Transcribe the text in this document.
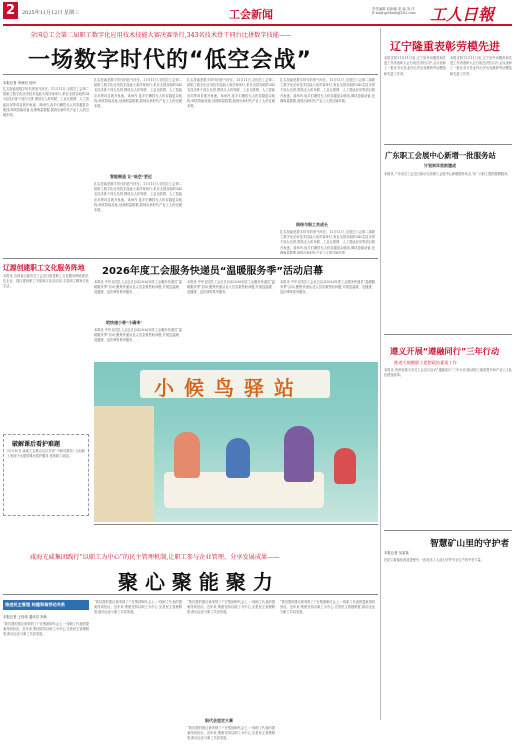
2	2025年11月12日 星期三	工会新闻	责任编辑 赵新鹏 美 编 刘 洋
E-mail:grrbszb@163.com 工人日報
全国总工会第二届职工数字化应用技术技能大赛决赛举行,343名技术骨干同台比拼数字技能——
一场数字时代的“低空会战”
本报记者 李润钊 田珂
扎实技能是数字时代的底气所在。11月11日,全国总工会第二届职工数字化应用技术技能大赛决赛举行,来自全国各地的343名技术骨干同台比拼,围绕无人机驾驶、工业互联网、人工智能应用等项目展开角逐。赛场内,选手们操控无人机穿越复杂航线,调试智能设备,处理海量数据,展现出新时代产业工人的过硬本领。
扎实技能是数字时代的底气所在。11月11日,全国总工会第二届职工数字化应用技术技能大赛决赛举行,来自全国各地的343名技术骨干同台比拼,围绕无人机驾驶、工业互联网、人工智能应用等项目展开角逐。赛场内,选手们操控无人机穿越复杂航线,调试智能设备,处理海量数据,展现出新时代产业工人的过硬本领。
智能制造 让“低空”更近
扎实技能是数字时代的底气所在。11月11日,全国总工会第二届职工数字化应用技术技能大赛决赛举行,来自全国各地的343名技术骨干同台比拼,围绕无人机驾驶、工业互联网、人工智能应用等项目展开角逐。赛场内,选手们操控无人机穿越复杂航线,调试智能设备,处理海量数据,展现出新时代产业工人的过硬本领。
扎实技能是数字时代的底气所在。11月11日,全国总工会第二届职工数字化应用技术技能大赛决赛举行,来自全国各地的343名技术骨干同台比拼,围绕无人机驾驶、工业互联网、人工智能应用等项目展开角逐。赛场内,选手们操控无人机穿越复杂航线,调试智能设备,处理海量数据,展现出新时代产业工人的过硬本领。
扎实技能是数字时代的底气所在。11月11日,全国总工会第二届职工数字化应用技术技能大赛决赛举行,来自全国各地的343名技术骨干同台比拼,围绕无人机驾驶、工业互联网、人工智能应用等项目展开角逐。赛场内,选手们操控无人机穿越复杂航线,调试智能设备,处理海量数据,展现出新时代产业工人的过硬本领。
网络与职工共成长
扎实技能是数字时代的底气所在。11月11日,全国总工会第二届职工数字化应用技术技能大赛决赛举行,来自全国各地的343名技术骨干同台比拼,围绕无人机驾驶、工业互联网、人工智能应用等项目展开角逐。赛场内,选手们操控无人机穿越复杂航线,调试智能设备,处理海量数据,展现出新时代产业工人的过硬本领。
辽宁隆重表彰劳模先进
本报沈阳11月11日电 辽宁省劳动模范和先进工作者表彰大会日前在沈阳召开,会议表彰了一批在各行各业作出突出贡献的劳动模范和先进工作者。
本报沈阳11月11日电 辽宁省劳动模范和先进工作者表彰大会日前在沈阳召开,会议表彰了一批在各行各业作出突出贡献的劳动模范和先进工作者。
广东职工会展中心新增一批服务站
计划到年底前建成
本报讯 广东省总工会近日推动全省职工会展中心新增服务站点,为广大职工提供便捷服务。
辽源创建职工文化服务阵地
本报讯 吉林省辽源市总工会近日推进职工文化服务阵地建设,在企业、园区建设职工书屋和文化活动室,丰富职工精神文化生活。
破解课后看护难题
11月10日,某地工会联合社区开设“小候鸟驿站”,为双职工家庭子女提供课后看护服务,受到职工欢迎。
2026年度工会服务快递员“温暖服务季”活动启幕
本报讯 中华全国总工会近日启动2026年度工会服务快递员“温暖服务季”活动,聚焦快递从业人员急难愁盼问题,开展送温暖、送健康、送法律等系列服务。
给快递小哥“小确幸”
本报讯 中华全国总工会近日启动2026年度工会服务快递员“温暖服务季”活动,聚焦快递从业人员急难愁盼问题,开展送温暖、送健康、送法律等系列服务。
本报讯 中华全国总工会近日启动2026年度工会服务快递员“温暖服务季”活动,聚焦快递从业人员急难愁盼问题,开展送温暖、送健康、送法律等系列服务。
本报讯 中华全国总工会近日启动2026年度工会服务快递员“温暖服务季”活动,聚焦快递从业人员急难愁盼问题,开展送温暖、送健康、送法律等系列服务。
小候鸟驿站
咸海光威集团践行“以职工为中心”的民主管理机制,让职工参与企业管理、分享发展成果——
聚 心 聚 能 聚 力
推进民主管理 构建和谐劳动关系
本报记者 王伟伟 通讯员 李新
“我们提的建议被采纳了!”在集团职代会上,一线职工代表的提案得到回应。近年来,集团坚持以职工为中心,完善民主管理制度,推动企业与职工共同发展。
“我们提的建议被采纳了!”在集团职代会上,一线职工代表的提案得到回应。近年来,集团坚持以职工为中心,完善民主管理制度,推动企业与职工共同发展。
“我们提的建议被采纳了!”在集团职代会上,一线职工代表的提案得到回应。近年来,集团坚持以职工为中心,完善民主管理制度,推动企业与职工共同发展。
职代会里定大事
“我们提的建议被采纳了!”在集团职代会上,一线职工代表的提案得到回应。近年来,集团坚持以职工为中心,完善民主管理制度,推动企业与职工共同发展。
“我们提的建议被采纳了!”在集团职代会上,一线职工代表的提案得到回应。近年来,集团坚持以职工为中心,完善民主管理制度,推动企业与职工共同发展。
遵义开展“遵融同行”三年行动
推进大规模职工思想政治素质工作
本报讯 贵州省遵义市总工会近日启动“遵融同行”三年行动,推动职工素质提升和产业工人队伍建设改革。
智慧矿山里的守护者
本报记者 吴某某
在矿山智能化改造进程中,一批技术工人成为守护安全生产的中坚力量。
